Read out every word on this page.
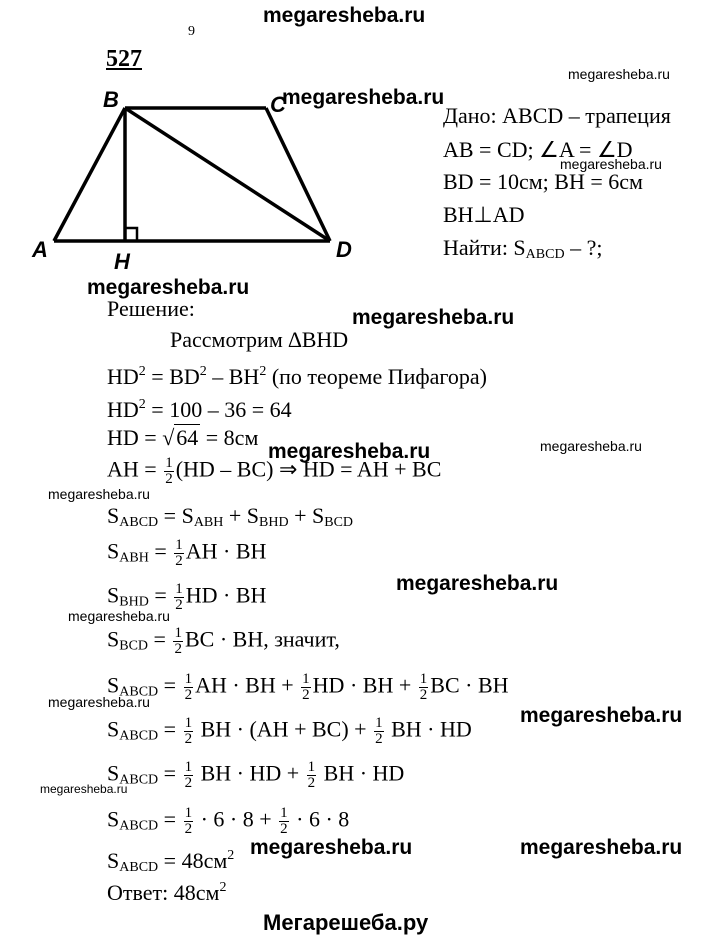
megaresheba.ru
9
527
B	C
A	H	D
megaresheba.ru
megaresheba.ru
megaresheba.ru
Дано: ABCD – трапеция
AB = CD; ∠A = ∠D
BD = 10см; BH = 6см
BH⊥AD
Найти: $S_{ABCD}$ – ?;
megaresheba.ru
Решение:	megaresheba.ru
Рассмотрим ∆BHD
$HD^2 = BD^2 - BH^2$ (по теореме Пифагора)
$HD^2 = 100 - 36 = 64$
HD = √64 = 8см
megaresheba.ru	megaresheba.ru
AH = $\frac{1}{2} (HD - BC)$ ⇒ HD = AH + BC
megaresheba.ru
$S_{ABCD} = S_{ABH} + S_{BHD} + S_{BCD}$
$S_{ABH} = \frac{1}{2}$ AH · BH
megaresheba.ru
$S_{BHD} = \frac{1}{2}$ HD · BH
megaresheba.ru
$S_{BCD} = \frac{1}{2}$ BC · BH, значит,
$S_{ABCD} = \frac{1}{2}$ AH · BH + $\frac{1}{2}$ HD · BH + $\frac{1}{2}$ BC · BH
megaresheba.ru
megaresheba.ru
$S_{ABCD} = \frac{1}{2}$ BH · $(AH + BC) + \frac{1}{2}$ BH · HD
$S_{ABCD} = \frac{1}{2}$ BH · HD + $\frac{1}{2}$ BH · HD
megaresheba.ru
$S_{ABCD} = \frac{1}{2} \cdot 6 \cdot 8 + \frac{1}{2} \cdot 6 \cdot 8$
$S_{ABCD} = 48см^2$ megaresheba.ru	megaresheba.ru
Ответ: $48см^2$
Мегарешеба.ру
